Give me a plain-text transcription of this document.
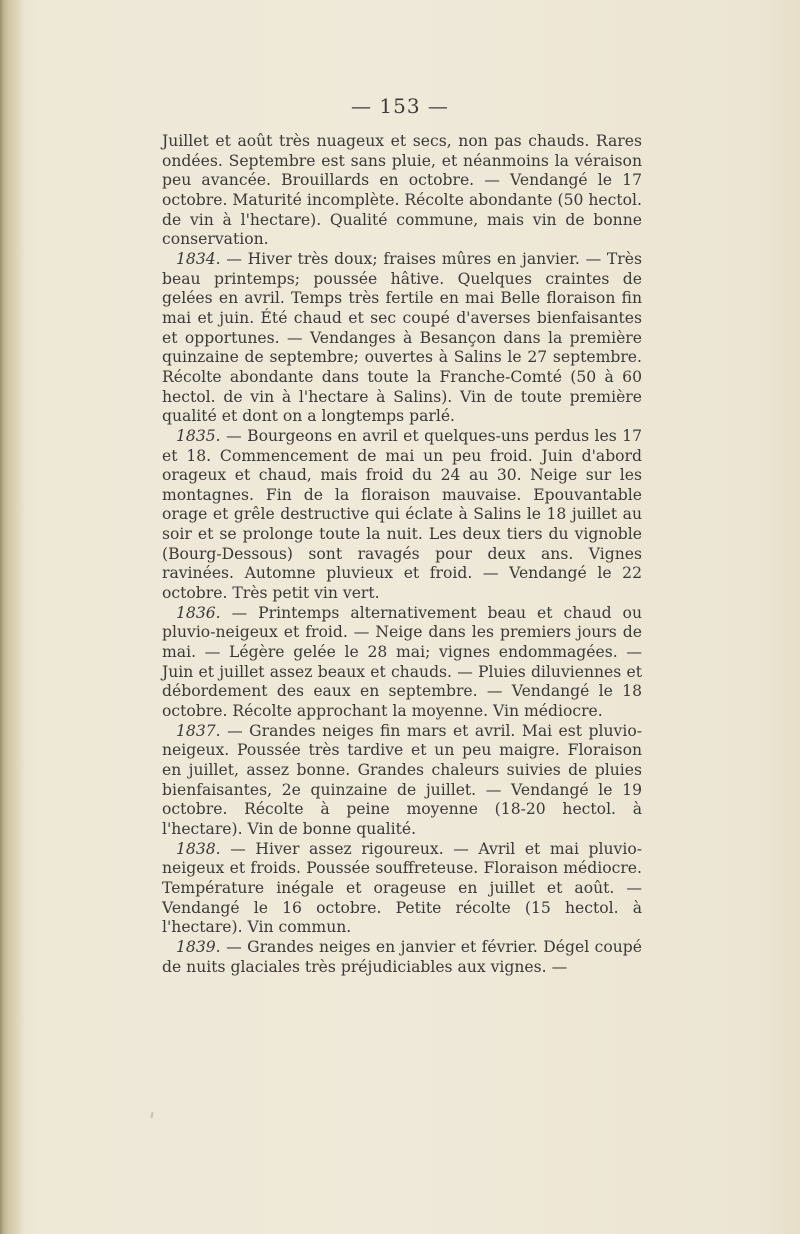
— 153 —

Juillet et août très nuageux et secs, non pas chauds. Rares ondées. Septembre est sans pluie, et néanmoins la véraison peu avancée. Brouillards en octobre. — Vendangé le 17 octobre. Maturité incomplète. Récolte abondante (50 hectol. de vin à l'hectare). Qualité commune, mais vin de bonne conservation.

1834. — Hiver très doux; fraises mûres en janvier. — Très beau printemps; poussée hâtive. Quelques craintes de gelées en avril. Temps très fertile en mai Belle floraison fin mai et juin. Été chaud et sec coupé d'averses bienfaisantes et opportunes. — Vendanges à Besançon dans la première quinzaine de septembre; ouvertes à Salins le 27 septembre. Récolte abondante dans toute la Franche-Comté (50 à 60 hectol. de vin à l'hectare à Salins). Vin de toute première qualité et dont on a longtemps parlé.

1835. — Bourgeons en avril et quelques-uns perdus les 17 et 18. Commencement de mai un peu froid. Juin d'abord orageux et chaud, mais froid du 24 au 30. Neige sur les montagnes. Fin de la floraison mauvaise. Epouvantable orage et grêle destructive qui éclate à Salins le 18 juillet au soir et se prolonge toute la nuit. Les deux tiers du vignoble (Bourg-Dessous) sont ravagés pour deux ans. Vignes ravinées. Automne pluvieux et froid. — Vendangé le 22 octobre. Très petit vin vert.

1836. — Printemps alternativement beau et chaud ou pluvio-neigeux et froid. — Neige dans les premiers jours de mai. — Légère gelée le 28 mai; vignes endommagées. — Juin et juillet assez beaux et chauds. — Pluies diluviennes et débordement des eaux en septembre. — Vendangé le 18 octobre. Récolte approchant la moyenne. Vin médiocre.

1837. — Grandes neiges fin mars et avril. Mai est pluvio-neigeux. Poussée très tardive et un peu maigre. Floraison en juillet, assez bonne. Grandes chaleurs suivies de pluies bienfaisantes, 2e quinzaine de juillet. — Vendangé le 19 octobre. Récolte à peine moyenne (18-20 hectol. à l'hectare). Vin de bonne qualité.

1838. — Hiver assez rigoureux. — Avril et mai pluvio-neigeux et froids. Poussée souffreteuse. Floraison médiocre. Température inégale et orageuse en juillet et août. — Vendangé le 16 octobre. Petite récolte (15 hectol. à l'hectare). Vin commun.

1839. — Grandes neiges en janvier et février. Dégel coupé de nuits glaciales très préjudiciables aux vignes. —
